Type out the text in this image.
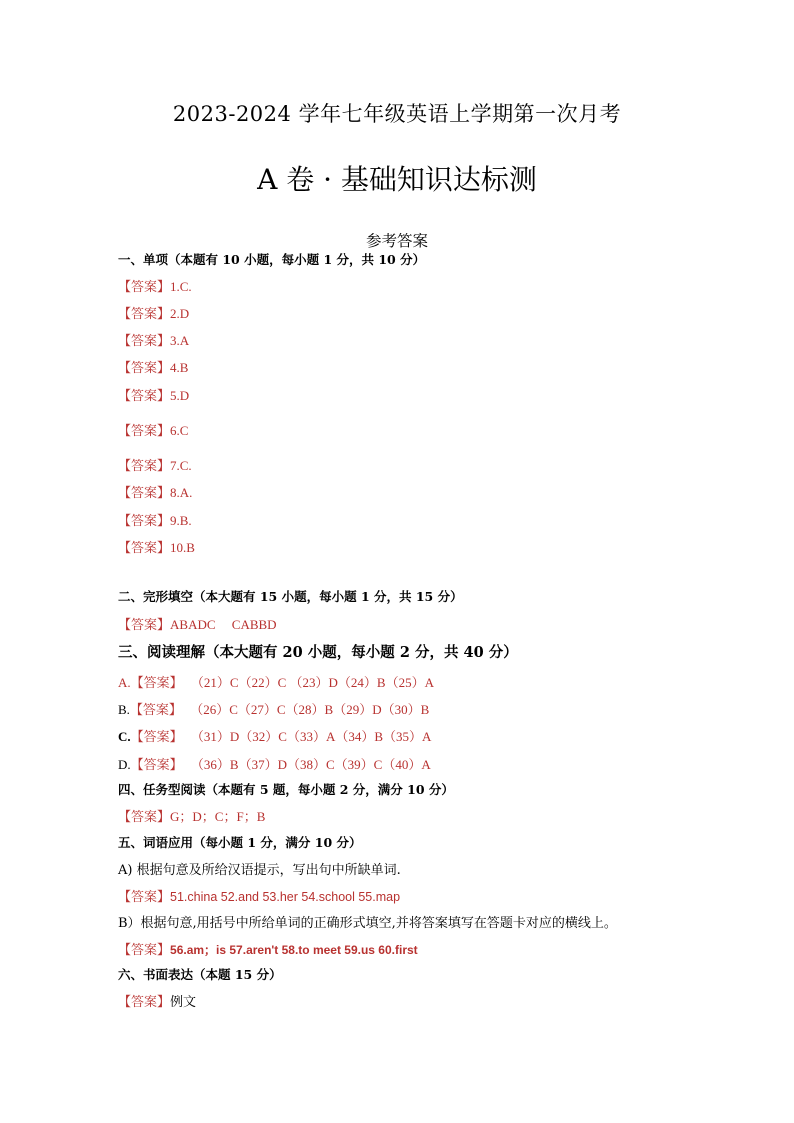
2023-2024 学年七年级英语上学期第一次月考
A 卷 · 基础知识达标测
参考答案
一、单项（本题有 10 小题，每小题 1 分，共 10 分）
【答案】1.C.
【答案】2.D
【答案】3.A
【答案】4.B
【答案】5.D
【答案】6.C
【答案】7.C.
【答案】8.A.
【答案】9.B.
【答案】10.B
二、完形填空（本大题有 15 小题，每小题 1 分，共 15 分）
【答案】ABADC     CABBD
三、阅读理解（本大题有 20 小题，每小题 2 分，共 40 分）
A.【答案】 （21）C（22）C （23）D（24）B（25）A
B.【答案】 （26）C（27）C（28）B（29）D（30）B
C.【答案】 （31）D（32）C（33）A（34）B（35）A
D.【答案】 （36）B（37）D（38）C（39）C（40）A
四、任务型阅读（本题有 5 题，每小题 2 分，满分 10 分）
【答案】G；D；C；F；B
五、词语应用（每小题 1 分，满分 10 分）
A) 根据句意及所给汉语提示，写出句中所缺单词.
【答案】51.china 52.and 53.her 54.school 55.map
B）根据句意,用括号中所给单词的正确形式填空,并将答案填写在答题卡对应的横线上。
【答案】56.am；is 57.aren't 58.to meet 59.us 60.first
六、书面表达（本题 15 分）
【答案】例文
